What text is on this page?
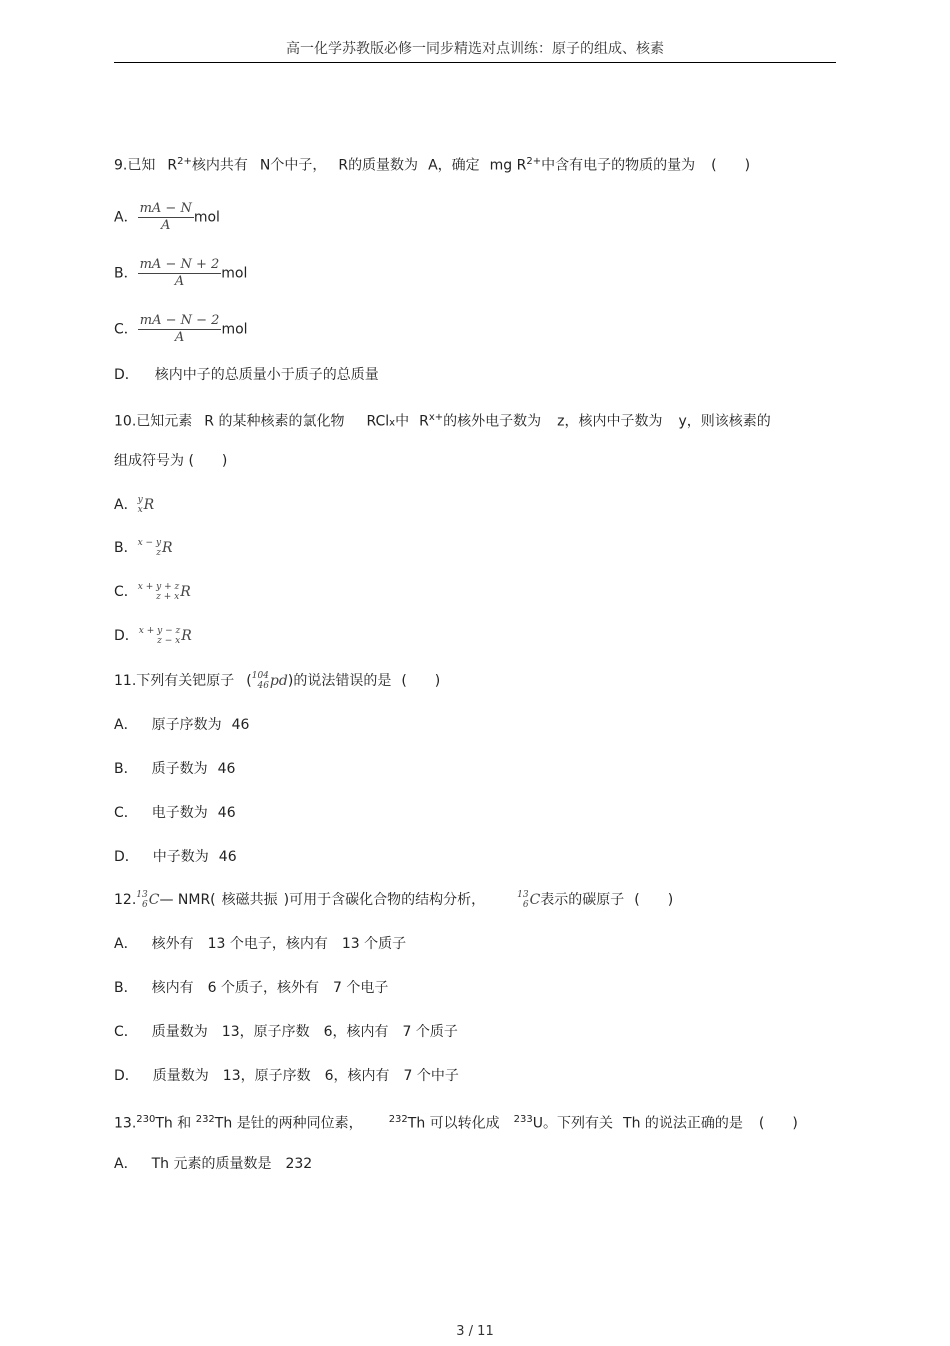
高一化学苏教版必修一同步精选对点训练：原子的组成、核素
9.已知 $R^{2+}$核内共有 N个中子， R的质量数为 A，确定 mg $R^{2+}$中含有电子的物质的量为 (　　)
A． $\frac{mA - N}{A}$ mol
B． $\frac{mA - N + 2}{A}$ mol
C． $\frac{mA - N - 2}{A}$ mol
D． 核内中子的总质量小于质子的总质量
10.已知元素 R 的某种核素的氯化物 RClx中 $R^{x+}$的核外电子数为 z，核内中子数为 y，则该核素的
组成符号为 (　　)
A． y
x R
B． x − y
z R
C． x + y + z
z + x R
D． x + y − z
z − x R
11.下列有关钯原子 ( 104
46 pd )的说法错误的是 (　　)
A． 原子序数为 46
B． 质子数为 46
C． 电子数为 46
D． 中子数为 46
12. 13
6 C — NMR( 核磁共振 )可用于含碳化合物的结构分析，	13
6 C 表示的碳原子 (　　)
A． 核外有　13 个电子，核内有　13 个质子
B． 核内有　6 个质子，核外有　7 个电子
C． 质量数为　13，原子序数　6，核内有　7 个质子
D． 质量数为　13，原子序数　6，核内有　7 个中子
13.$^{230}$Th 和 $^{232}$Th 是钍的两种同位素，	$^{232}$Th 可以转化成 $^{233}$U。下列有关 Th 的说法正确的是 (　　)
A． Th 元素的质量数是 232
3 / 11
